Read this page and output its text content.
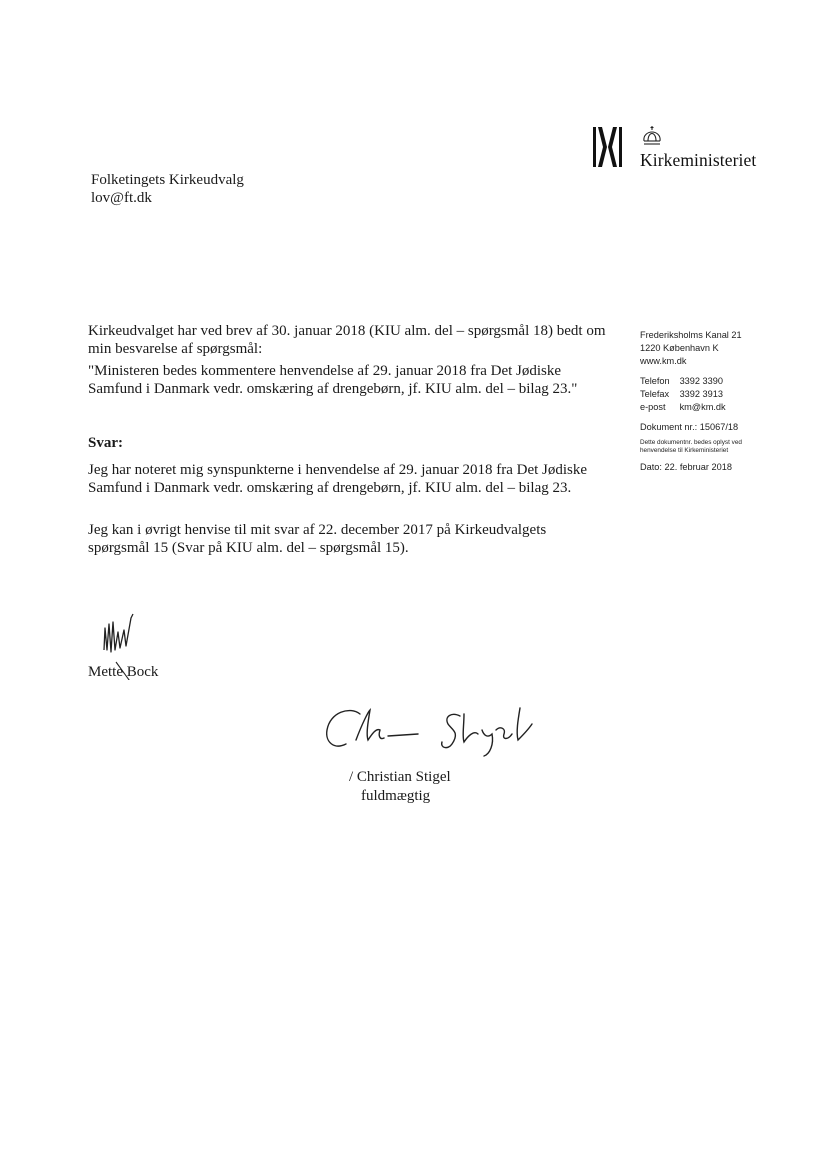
Kirkeministeriet
Folketingets Kirkeudvalg
lov@ft.dk
Frederiksholms Kanal 21
1220 København K
www.km.dk
Telefon 3392 3390
Telefax 3392 3913
e-post km@km.dk
Dokument nr.: 15067/18
Dette dokumentnr. bedes oplyst ved
henvendelse til Kirkeministeriet
Dato: 22. februar 2018
Kirkeudvalget har ved brev af 30. januar 2018 (KIU alm. del – spørgsmål 18) bedt om min besvarelse af spørgsmål:
"Ministeren bedes kommentere henvendelse af 29. januar 2018 fra Det Jødiske Samfund i Danmark vedr. omskæring af drengebørn, jf. KIU alm. del – bilag 23."
Svar:
Jeg har noteret mig synspunkterne i henvendelse af 29. januar 2018 fra Det Jødiske Samfund i Danmark vedr. omskæring af drengebørn, jf. KIU alm. del – bilag 23.
Jeg kan i øvrigt henvise til mit svar af 22. december 2017 på Kirkeudvalgets spørgsmål 15 (Svar på KIU alm. del – spørgsmål 15).
Mette Bock
/ Christian Stigel
fuldmægtig
